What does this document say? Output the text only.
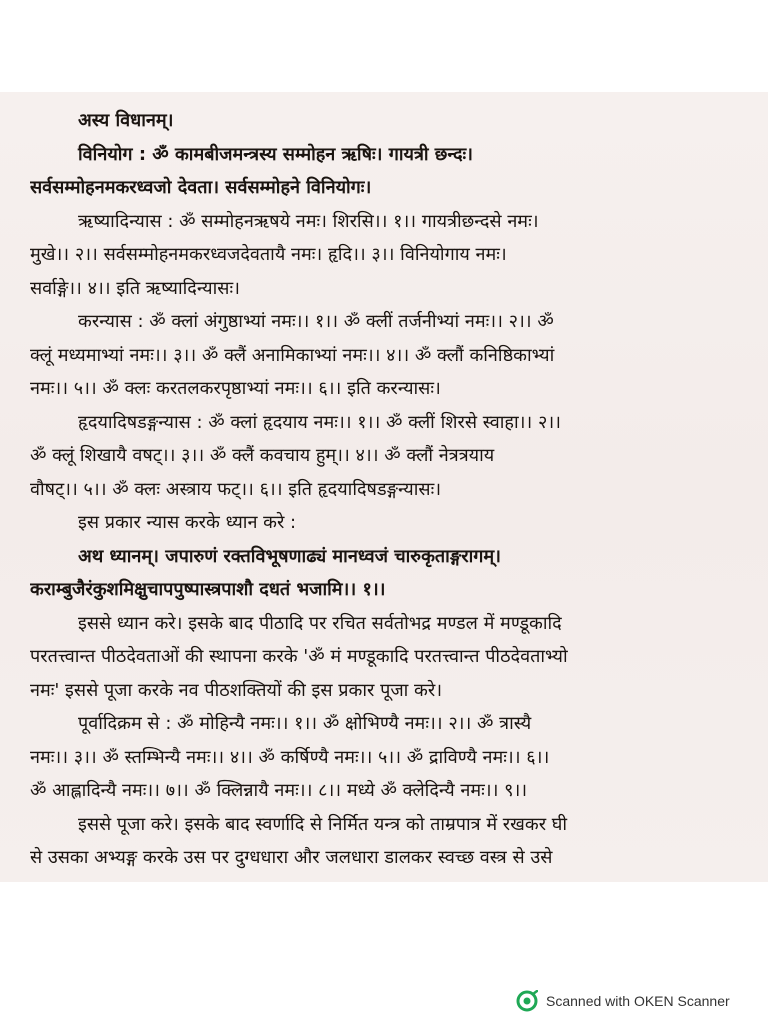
अस्य विधानम्।
विनियोग : ॐ कामबीजमन्त्रस्य सम्मोहन ऋषिः। गायत्री छन्दः।
सर्वसम्मोहनमकरध्वजो देवता। सर्वसम्मोहने विनियोगः।
ऋष्यादिन्यास : ॐ सम्मोहनऋषये नमः। शिरसि।। १।। गायत्रीछन्दसे नमः।
मुखे।। २।। सर्वसम्मोहनमकरध्वजदेवतायै नमः। हृदि।। ३।। विनियोगाय नमः।
सर्वाङ्गे।। ४।। इति ऋष्यादिन्यासः।
करन्यास : ॐ क्लां अंगुष्ठाभ्यां नमः।। १।। ॐ क्लीं तर्जनीभ्यां नमः।। २।। ॐ
क्लूं मध्यमाभ्यां नमः।। ३।। ॐ क्लैं अनामिकाभ्यां नमः।। ४।। ॐ क्लौं कनिष्ठिकाभ्यां
नमः।। ५।। ॐ क्लः करतलकरपृष्ठाभ्यां नमः।। ६।। इति करन्यासः।
हृदयादिषडङ्गन्यास : ॐ क्लां हृदयाय नमः।। १।। ॐ क्लीं शिरसे स्वाहा।। २।।
ॐ क्लूं शिखायै वषट्।। ३।। ॐ क्लैं कवचाय हुम्।। ४।। ॐ क्लौं नेत्रत्रयाय
वौषट्।। ५।। ॐ क्लः अस्त्राय फट्।। ६।। इति हृदयादिषडङ्गन्यासः।
इस प्रकार न्यास करके ध्यान करे :
अथ ध्यानम्। जपारुणं रक्तविभूषणाढ्यं मानध्वजं चारुकृताङ्गरागम्।
कराम्बुजैरंकुशमिक्षुचापपुष्पास्त्रपाशौ दधतं भजामि।। १।।
इससे ध्यान करे। इसके बाद पीठादि पर रचित सर्वतोभद्र मण्डल में मण्डूकादि
परतत्त्वान्त पीठदेवताओं की स्थापना करके 'ॐ मं मण्डूकादि परतत्त्वान्त पीठदेवताभ्यो
नमः' इससे पूजा करके नव पीठशक्तियों की इस प्रकार पूजा करे।
पूर्वादिक्रम से : ॐ मोहिन्यै नमः।। १।। ॐ क्षोभिण्यै नमः।। २।। ॐ त्रास्यै
नमः।। ३।। ॐ स्तम्भिन्यै नमः।। ४।। ॐ कर्षिण्यै नमः।। ५।। ॐ द्राविण्यै नमः।। ६।।
ॐ आह्लादिन्यै नमः।। ७।। ॐ क्लिन्नायै नमः।। ८।। मध्ये ॐ क्लेदिन्यै नमः।। ९।।
इससे पूजा करे। इसके बाद स्वर्णादि से निर्मित यन्त्र को ताम्रपात्र में रखकर घी
से उसका अभ्यङ्ग करके उस पर दुग्धधारा और जलधारा डालकर स्वच्छ वस्त्र से उसे
Scanned with OKEN Scanner
